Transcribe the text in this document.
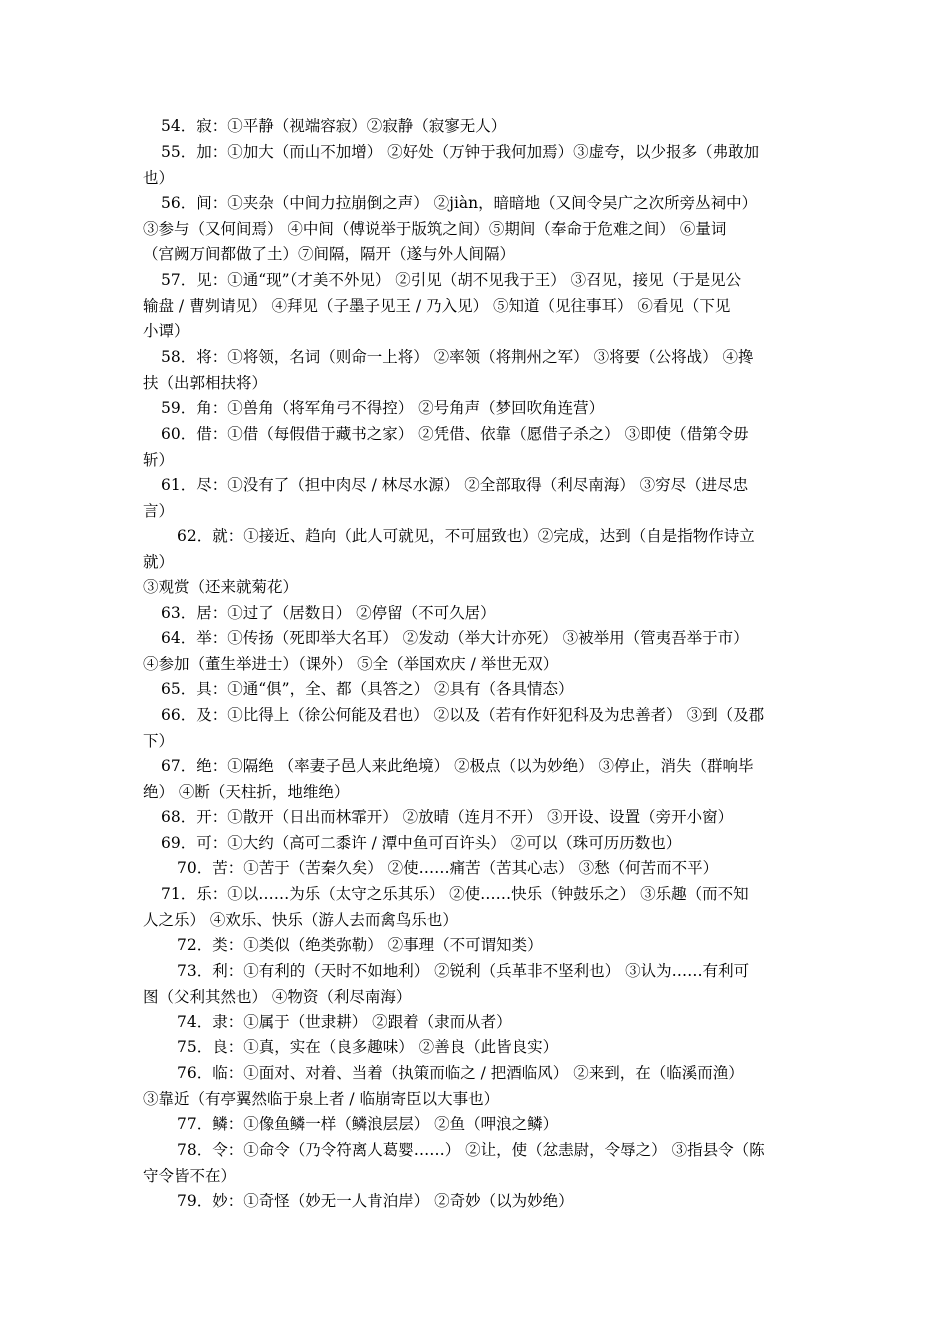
54．寂：①平静（视端容寂）②寂静（寂寥无人）

55．加：①加大（而山不加增） ②好处（万钟于我何加焉）③虚夸，以少报多（弗敢加
也）

56．间：①夹杂（中间力拉崩倒之声） ②jiàn，暗暗地（又间令吴广之次所旁丛祠中）
③参与（又何间焉） ④中间（傅说举于版筑之间）⑤期间（奉命于危难之间） ⑥量词
（宫阙万间都做了土）⑦间隔，隔开（遂与外人间隔）

57．见：①通“现”（才美不外见） ②引见（胡不见我于王） ③召见，接见（于是见公
输盘 / 曹刿请见） ④拜见（子墨子见王 / 乃入见） ⑤知道（见往事耳） ⑥看见（下见
小谭）

58．将：①将领，名词（则命一上将） ②率领（将荆州之军） ③将要（公将战） ④搀
扶（出郭相扶将）

59．角：①兽角（将军角弓不得控） ②号角声（梦回吹角连营）

60．借：①借（每假借于藏书之家） ②凭借、依靠（愿借子杀之） ③即使（借第令毋
斩）

61．尽：①没有了（担中肉尽 / 林尽水源） ②全部取得（利尽南海） ③穷尽（进尽忠
言）

62．就：①接近、趋向（此人可就见，不可屈致也）②完成，达到（自是指物作诗立
就）
③观赏（还来就菊花）

63．居：①过了（居数日） ②停留（不可久居）

64．举：①传扬（死即举大名耳） ②发动（举大计亦死） ③被举用（管夷吾举于市）
④参加（董生举进士）（课外） ⑤全（举国欢庆 / 举世无双）

65．具：①通“俱”，全、都（具答之） ②具有（各具情态）

66．及：①比得上（徐公何能及君也） ②以及（若有作奸犯科及为忠善者） ③到（及郡
下）

67．绝：①隔绝 （率妻子邑人来此绝境） ②极点（以为妙绝） ③停止，消失（群响毕
绝） ④断（天柱折，地维绝）

68．开：①散开（日出而林霏开） ②放晴（连月不开） ③开设、设置（旁开小窗）

69．可：①大约（高可二黍许 / 潭中鱼可百许头） ②可以（珠可历历数也）

70．苦：①苦于（苦秦久矣） ②使……痛苦（苦其心志） ③愁（何苦而不平）

71．乐：①以……为乐（太守之乐其乐） ②使……快乐（钟鼓乐之） ③乐趣（而不知
人之乐） ④欢乐、快乐（游人去而禽鸟乐也）

72．类：①类似（绝类弥勒） ②事理（不可谓知类）

73．利：①有利的（天时不如地利） ②锐利（兵革非不坚利也） ③认为……有利可
图（父利其然也） ④物资（利尽南海）

74．隶：①属于（世隶耕） ②跟着（隶而从者）

75．良：①真，实在（良多趣味） ②善良（此皆良实）

76．临：①面对、对着、当着（执策而临之 / 把酒临风） ②来到，在（临溪而渔）
③靠近（有亭翼然临于泉上者 / 临崩寄臣以大事也）

77．鳞：①像鱼鳞一样（鳞浪层层） ②鱼（呷浪之鳞）

78．令：①命令（乃令符离人葛婴……） ②让，使（忿恚尉，令辱之） ③指县令（陈
守令皆不在）

79．妙：①奇怪（妙无一人肯泊岸） ②奇妙（以为妙绝）
